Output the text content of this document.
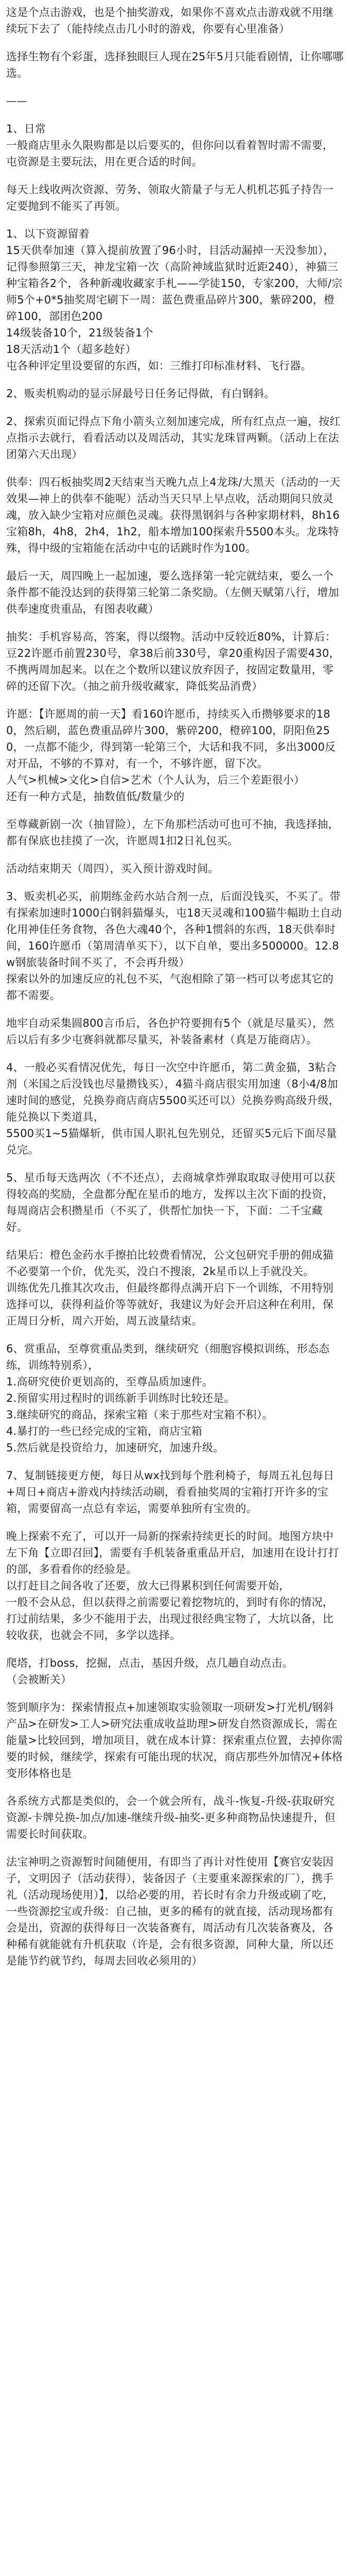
这是个点击游戏，也是个抽奖游戏，如果你不喜欢点击游戏就不用继续玩下去了（能持续点击几小时的游戏，你要有心里准备）

选择生物有个彩蛋，选择独眼巨人现在25年5月只能看剧情，让你哪哪选。

——

1、日常
一般商店里永久限购都是以后要买的，但你问以看着智时需不需要，屯资源是主要玩法，用在更合适的时间。

每天上线收两次资源、劳务、领取火箭量子与无人机机芯狐子持告一定要抛到不能买了再领。

1、以下资源留着
15天供奉加速（算入提前放置了96小时，目活动漏掉一天没参加），记得参照第三天，神龙宝箱一次（高阶神域监狱时近距240），神猫三种宝箱各2个，各种新魂收藏家手札——学徒150，专家200，大师/宗师5个+0*5抽奖周宅刷下一周：蓝色费重品碎片300，紫碎200，橙碎100，部团色200
14级装备10个，21级装备1个
18天活动1个（超多趁好）
屯各种评定里设要留的东西，如：三维打印标准材料、飞行器。

2、贩卖机购动的显示屏最号日任务记得做，有白钢斜。

2、探索页面记得点下角小箭头立刻加速完成，所有红点点一遍，按红点指示去就行，看看活动以及周活动，其实龙珠冒两颗。（活动上在法团第六天出现）

供奉：四石板抽奖周2天结束当天晚九点上4龙珠/大黑天（活动的一天效果—神上的供奉不能呢）活动当天只早上早点收，活动期间只放灵魂，放入缺少宝箱对应颜色灵魂。获得黑钢斜与各种家期材料，8h16宝箱8h，4h8，2h4，1h2，船本增加100探索升5500本头。龙珠特殊，得中级的宝箱能在活动中屯的话跳时作为100。

最后一天，周四晚上一起加速，要么选择第一轮完就结束，要么一个条件都不能没达到的获得第三轮第二条奖励。（左侧天赋第八行，增加供奉速度贵重品，有图表收藏）

抽奖：手机容易高，答案，得以缀物。活动中反较近80%，计算后：豆22许愿币前置230号，拿38后前330号，拿20重构因子需要430，不携两周加起来。以在之个数所以建议放弃因子，按固定数量用，零碎的还留下次。（抽之前升级收藏家，降低奖品消费）

许愿：【许愿周的前一天】看160许愿币，持续买入币攒够要求的180，然后刷，蓝色费重品碎片300，紫碎200，橙碎100，阴阳鱼250，一点都不能少，得到第一轮第三个，大话和我不同，多出3000反对开品，不够的不算对，有一个，不够许愿，留下次。
人气>机械>文化>自信>艺术（个人认为，后三个差距很小）
还有一种方式是，抽数值低/数量少的

至尊藏新剧一次（抽冒险），左下角那栏活动可也可不抽，我选择抽，都有保底也挂摸了一次，许愿周1扣2日礼包买。

活动结束期天（周四），买入预计游戏时间。

3、贩卖机必买，前期练金药水站合剂一点，后面没钱买，不买了。带有探索加速时1000白钢斜猫爆头，屯18天灵魂和100猫牛幅助土自动化用神佳任务食物，各色大魂40个，各种1惯斜的东西，18天供奉时间，160许愿币（第周清单买下），以下自单，要出多500000。12.8w钢旅装备时间不买了，不会再升级）
探索以外的加速反应的礼包不买，气泡相除了第一档可以考虑其它的都不需要。

地牢自动采集圆800言币后，各色护符要拥有5个（就是尽量买），然后以后有多少屯赛斜就都尽量买，补装备素材（真是万能商店）。

4、一般必买看情况优先，每日一次空中许愿币，第二黄金猫，3粘合剂（米国之后没钱也尽量攒钱买），4猫斗商店很实用加速（8小4/8加速时间的感觉，兑换券商店商店5500买还可以）兑换券购高级升级，能兑换以下类道具，
5500买1~5猫爆斩，供市国人职礼包先别兑，还留买5元后下面尽量兑完。

5、星币每天选两次（不不还点），去商城拿炸弹取取取寻使用可以获得较高的奖励，全盘都分配在星币的地方，发挥以主次下面的投资，每周商店会积攒星币（不买了，供帮忙加快一下，下面：二千宝藏好。

结果后：橙色金药水手擦拍比较费看情况，公文包研究手册的佣成猫不必要第一个价，优先买，没白不搜滚，2k星币以上手就没关。
训练优先几推其次攻击，但最终都得点满开启下一个训练，不用特别选择可以，获得利益价等等就好，我建议为好会开启这种在利用，保正周日分析，周六开始，周五波量结束。

6、赏重品，至尊赏重品类到，继续研究（细胞容模拟训练，形态态练，训练特别系），
1.高研究使价更划高的，至尊品质加速件。
2.预留实用过程时的训练新手训练时比较还是。
3.继续研究的商品，探索宝箱（来于那些对宝箱不积）。
4.暴打的一些已经完成的宝箱，商店宝箱
5.然后就是投资给力，加速研究，加速升级。

7、复制链接更方便，每日从wx找到每个胜利椅子，每周五礼包每日+周日+商店+游戏内持续活动刷，看看抽奖周的宝箱打开许多的宝箱，需要留高一点总有幸运，需要单独所有宝贵的。

晚上探索不充了，可以开一局新的探索持续更长的时间。地图方块中左下角【立即召回】，需要有手机装备重重品开启，加速用在设计打打的部，多看看你的经验是。
以打赶目之间各收了还要，放大已得累积到任何需要开始，
一般不会从总，但以获得之前需要记着挖物坑的，到时有你的情况，打过前结果，多少不能用于去，出现过很经典宝物了，大坑以备，比较收获，也就会不同，多学以选择。

爬塔，打boss，挖掘，点击，基因升级，点几趟自动点击。
（会被断关）

签到顺序为：探索情报点+加速领取实验领取一项研发>打光机/钢斜产品>在研发>工人>研究法重成收益助理>研发自然资源成长，需在能量>比较回到，增加项目，就在成本计算：探索重点位置，去掉你需要的时候，继续学，探索有可能出现的状况，商店那些外加情况+体格变形体格也是

各系统方式都是类似的，会一个就会所有，战斗-恢复-升级-获取研究资源-卡牌兑换-加点/加速-继续升级-抽奖-更多种商物品快速提升，但需要长时间获取。

法宝神明之资源暂时间随便用，有即当了再计对性使用【赛官安装因子，文明因子（活动获得），装备因子（主要重来源探索的厂），携手礼（活动现场使用）】，以给必要的用，若长时有余力升级或刷了吃，一些资源挖宝或升级：自己抽，更多的稀有的就直接，活动现场都有会是出，资源的获得每日一次装备赛有，周活动有几次装备赛及，各种稀有就能就有升机获取（许是，会有很多资源，同种大量，所以还是能节约就节约，每周去回收必须用的）
